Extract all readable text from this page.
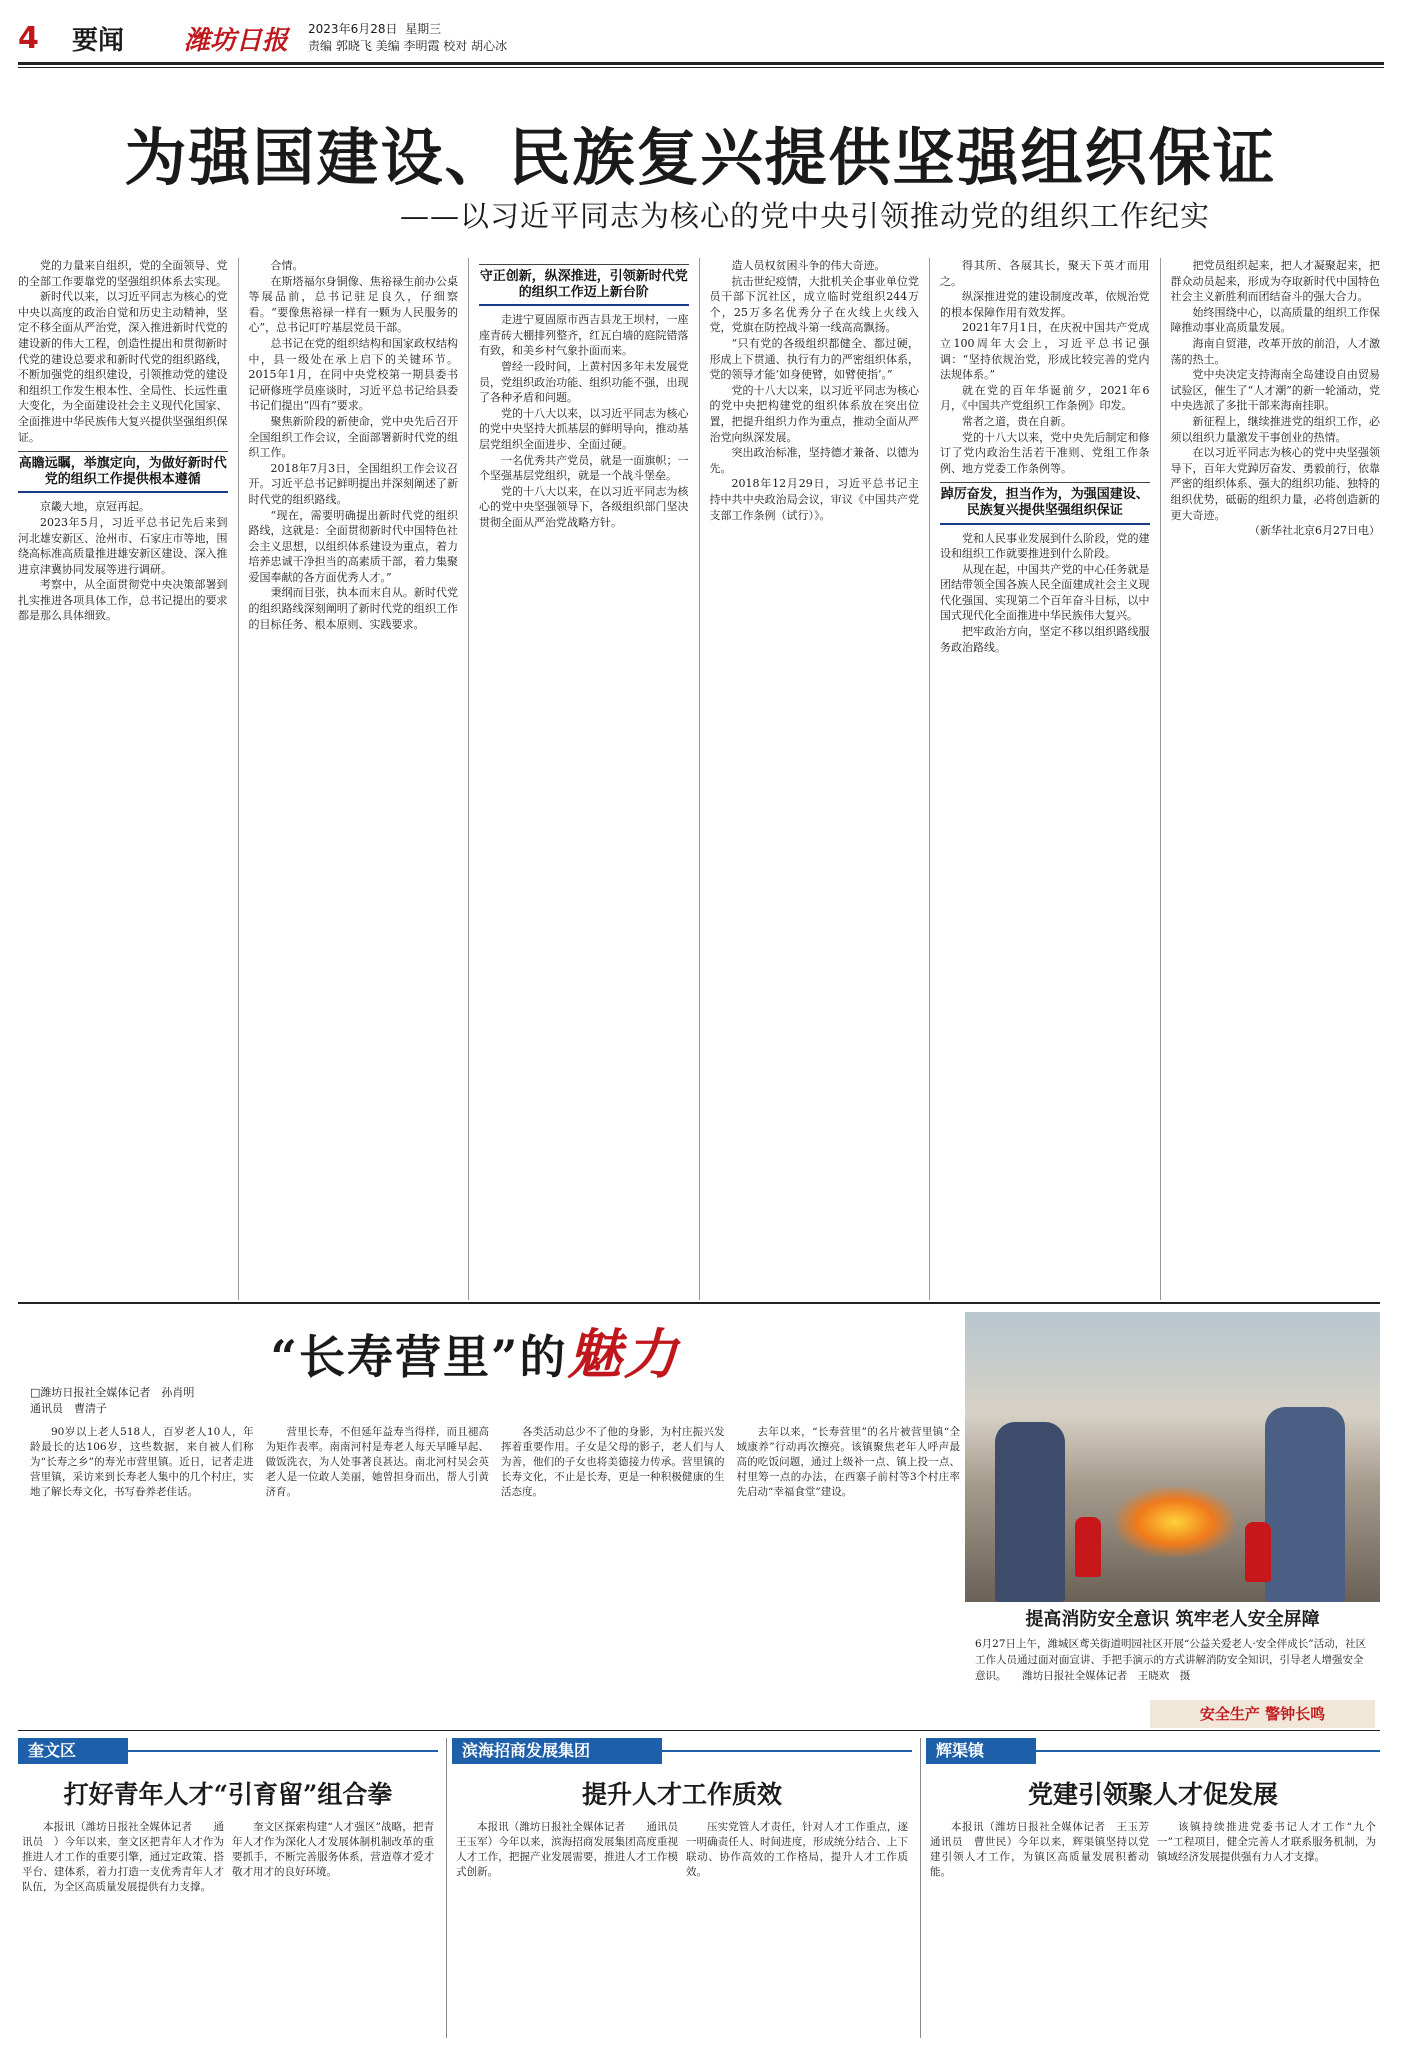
4	要闻 潍坊日报 2023年6月28日 星期三
责编 郭晓飞 美编 李明霞 校对 胡心冰
为强国建设、民族复兴提供坚强组织保证
——以习近平同志为核心的党中央引领推动党的组织工作纪实

党的力量来自组织，党的全面领导、党的全部工作要靠党的坚强组织体系去实现。

新时代以来，以习近平同志为核心的党中央以高度的政治自觉和历史主动精神，坚定不移全面从严治党，深入推进新时代党的建设新的伟大工程，创造性提出和贯彻新时代党的建设总要求和新时代党的组织路线，不断加强党的组织建设，引领推动党的建设和组织工作发生根本性、全局性、长远性重大变化，为全面建设社会主义现代化国家、全面推进中华民族伟大复兴提供坚强组织保证。

高瞻远瞩，举旗定向，为做好新时代党的组织工作提供根本遵循

京畿大地，京冠再起。

2023年5月，习近平总书记先后来到河北雄安新区、沧州市、石家庄市等地，围绕高标准高质量推进雄安新区建设、深入推进京津冀协同发展等进行调研。

考察中，从全面贯彻党中央决策部署到扎实推进各项具体工作，总书记提出的要求都是那么具体细致。

合情。

在斯塔福尔身铜像、焦裕禄生前办公桌等展品前，总书记驻足良久，仔细察看。“要像焦裕禄一样有一颗为人民服务的心”，总书记叮咛基层党员干部。

总书记在党的组织结构和国家政权结构中，县一级处在承上启下的关键环节。2015年1月，在同中央党校第一期县委书记研修班学员座谈时，习近平总书记给县委书记们提出“四有”要求。

聚焦新阶段的新使命，党中央先后召开全国组织工作会议，全面部署新时代党的组织工作。

2018年7月3日，全国组织工作会议召开。习近平总书记鲜明提出并深刻阐述了新时代党的组织路线。

“现在，需要明确提出新时代党的组织路线，这就是：全面贯彻新时代中国特色社会主义思想，以组织体系建设为重点，着力培养忠诚干净担当的高素质干部，着力集聚爱国奉献的各方面优秀人才。”

秉纲而目张，执本而末自从。新时代党的组织路线深刻阐明了新时代党的组织工作的目标任务、根本原则、实践要求。

守正创新，纵深推进，引领新时代党的组织工作迈上新台阶

走进宁夏固原市西吉县龙王坝村，一座座青砖大棚排列整齐，红瓦白墙的庭院错落有致，和美乡村气象扑面而来。

曾经一段时间，上黄村因多年未发展党员，党组织政治功能、组织功能不强，出现了各种矛盾和问题。

党的十八大以来，以习近平同志为核心的党中央坚持大抓基层的鲜明导向，推动基层党组织全面进步、全面过硬。

一名优秀共产党员，就是一面旗帜；一个坚强基层党组织，就是一个战斗堡垒。

党的十八大以来，在以习近平同志为核心的党中央坚强领导下，各级组织部门坚决贯彻全面从严治党战略方针。

造人员权贫困斗争的伟大奇迹。

抗击世纪疫情，大批机关企事业单位党员干部下沉社区，成立临时党组织244万个，25万多名优秀分子在火线上火线入党，党旗在防控战斗第一线高高飘扬。

“只有党的各级组织都健全、都过硬，形成上下贯通、执行有力的严密组织体系，党的领导才能‘如身使臂，如臂使指’。”

党的十八大以来，以习近平同志为核心的党中央把构建党的组织体系放在突出位置，把提升组织力作为重点，推动全面从严治党向纵深发展。

突出政治标准，坚持德才兼备、以德为先。

2018年12月29日，习近平总书记主持中共中央政治局会议，审议《中国共产党支部工作条例（试行）》。

得其所、各展其长，聚天下英才而用之。

纵深推进党的建设制度改革，依规治党的根本保障作用有效发挥。

2021年7月1日，在庆祝中国共产党成立100周年大会上，习近平总书记强调：“坚持依规治党，形成比较完善的党内法规体系。”

就在党的百年华诞前夕，2021年6月，《中国共产党组织工作条例》印发。

常者之道，贵在自新。

党的十八大以来，党中央先后制定和修订了党内政治生活若干准则、党组工作条例、地方党委工作条例等。

踔厉奋发，担当作为，为强国建设、民族复兴提供坚强组织保证

党和人民事业发展到什么阶段，党的建设和组织工作就要推进到什么阶段。

从现在起，中国共产党的中心任务就是团结带领全国各族人民全面建成社会主义现代化强国、实现第二个百年奋斗目标，以中国式现代化全面推进中华民族伟大复兴。

把牢政治方向，坚定不移以组织路线服务政治路线。

把党员组织起来，把人才凝聚起来，把群众动员起来，形成为夺取新时代中国特色社会主义新胜利而团结奋斗的强大合力。

始终围绕中心，以高质量的组织工作保障推动事业高质量发展。

海南自贸港，改革开放的前沿，人才激荡的热土。

党中央决定支持海南全岛建设自由贸易试验区，催生了“人才潮”的新一轮涌动，党中央选派了多批干部来海南挂职。

新征程上，继续推进党的组织工作，必须以组织力量激发干事创业的热情。

在以习近平同志为核心的党中央坚强领导下，百年大党踔厉奋发、勇毅前行，依靠严密的组织体系、强大的组织功能、独特的组织优势，砥砺的组织力量，必将创造新的更大奇迹。

（新华社北京6月27日电）
“长寿营里”的魅力
□潍坊日报社全媒体记者　孙肖明
通讯员　曹清子

90岁以上老人518人，百岁老人10人，年龄最长的达106岁，这些数据，来自被人们称为“长寿之乡”的寿光市营里镇。近日，记者走进营里镇，采访来到长寿老人集中的几个村庄，实地了解长寿文化，书写眷养老佳话。

营里长寿，不但延年益寿当得样，而且褪高为矩作表率。南南河村是寿老人每天早睡早起、做饭洗衣，为人处事著良甚达。南北河村吴会英老人是一位敢人美丽，她曾担身而出，帮人引黄济育。

各类活动总少不了他的身影，为村庄振兴发挥着重要作用。子女是父母的影子，老人们与人为善，他们的子女也将美德接力传承。营里镇的长寿文化，不止是长寿，更是一种积极健康的生活态度。

去年以来，“长寿营里”的名片被营里镇“全域康养”行动再次擦亮。该镇聚焦老年人呼声最高的吃饭问题，通过上级补一点、镇上投一点、村里筹一点的办法，在西寨子前村等3个村庄率先启动“幸福食堂”建设。

提高消防安全意识 筑牢老人安全屏障
6月27日上午，潍城区鸢关街道明园社区开展“公益关爱老人·安全伴成长”活动，社区工作人员通过面对面宣讲、手把手演示的方式讲解消防安全知识，引导老人增强安全意识。　　潍坊日报社全媒体记者　王晓欢　摄
安全生产 警钟长鸣
奎文区
打好青年人才“引育留”组合拳

本报讯（潍坊日报社全媒体记者　　通讯员　）今年以来，奎文区把青年人才作为推进人才工作的重要引擎，通过定政策、搭平台、建体系，着力打造一支优秀青年人才队伍，为全区高质量发展提供有力支撑。

奎文区探索构建“人才强区”战略，把青年人才作为深化人才发展体制机制改革的重要抓手，不断完善服务体系，营造尊才爱才敬才用才的良好环境。

滨海招商发展集团
提升人才工作质效

本报讯（潍坊日报社全媒体记者　　通讯员　王玉军）今年以来，滨海招商发展集团高度重视人才工作，把握产业发展需要，推进人才工作模式创新。

压实党管人才责任，针对人才工作重点，逐一明确责任人、时间进度，形成统分结合、上下联动、协作高效的工作格局，提升人才工作质效。

辉渠镇
党建引领聚人才促发展

本报讯（潍坊日报社全媒体记者　王玉芳　通讯员　曹世民）今年以来，辉渠镇坚持以党建引领人才工作，为镇区高质量发展积蓄动能。

该镇持续推进党委书记人才工作“九个一”工程项目，健全完善人才联系服务机制，为镇域经济发展提供强有力人才支撑。
